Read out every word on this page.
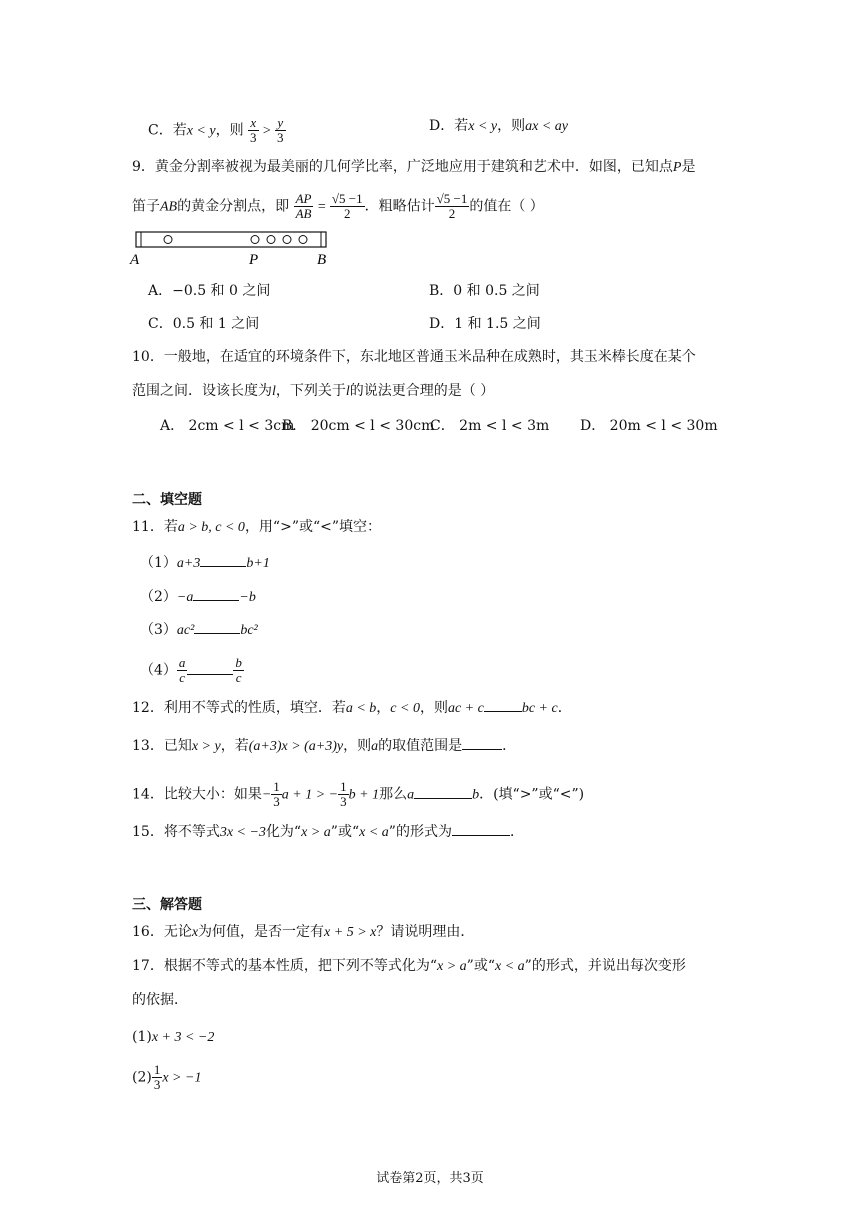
C．若x < y，则 $\frac{x}{3} > \frac{y}{3}$	D．若x < y，则ax < ay
9．黄金分割率被视为最美丽的几何学比率，广泛地应用于建筑和艺术中．如图，已知点P是
笛子AB的黄金分割点，即 $\frac{AP}{AB} = \frac{√5 -1}{2}$ ．粗略估计 $\frac{√5 -1}{2}$ 的值在（ ）
A	P	B
A．−0.5 和 0 之间	B．0 和 0.5 之间
C．0.5 和 1 之间	D．1 和 1.5 之间
10．一般地，在适宜的环境条件下，东北地区普通玉米品种在成熟时，其玉米棒长度在某个
范围之间．设该长度为l，下列关于l的说法更合理的是（ ）
A． 2cm < l < 3cm
B． 20cm < l < 30cm
C． 2m < l < 3m D． 20m < l < 30m
二、填空题
11．若a > b, c < 0，用“>”或“<”填空：
（1）a+3	b+1
（2）−a	−b
（3）ac²	bc²
$(4) \frac{a}{c}$	$\frac{b}{c}$
12．利用不等式的性质，填空．若a < b，c < 0，则ac + c	bc + c．
13．已知x > y，若(a+3)x > (a+3)y，则a的取值范围是	．
14．比较大小：如果− $\frac{1}{3}$ a + 1 > − $\frac{1}{3}$ b + 1那么a	b．(填“>”或“<”)
15．将不等式3x < −3化为“x > a”或“x < a”的形式为	．
三、解答题
16．无论x为何值，是否一定有x + 5 > x？请说明理由．
17．根据不等式的基本性质，把下列不等式化为“x > a”或“x < a”的形式，并说出每次变形
的依据．
(1)x + 3 < −2
$(2) \frac{1}{3}$ x > −1
试卷第2页，共3页
